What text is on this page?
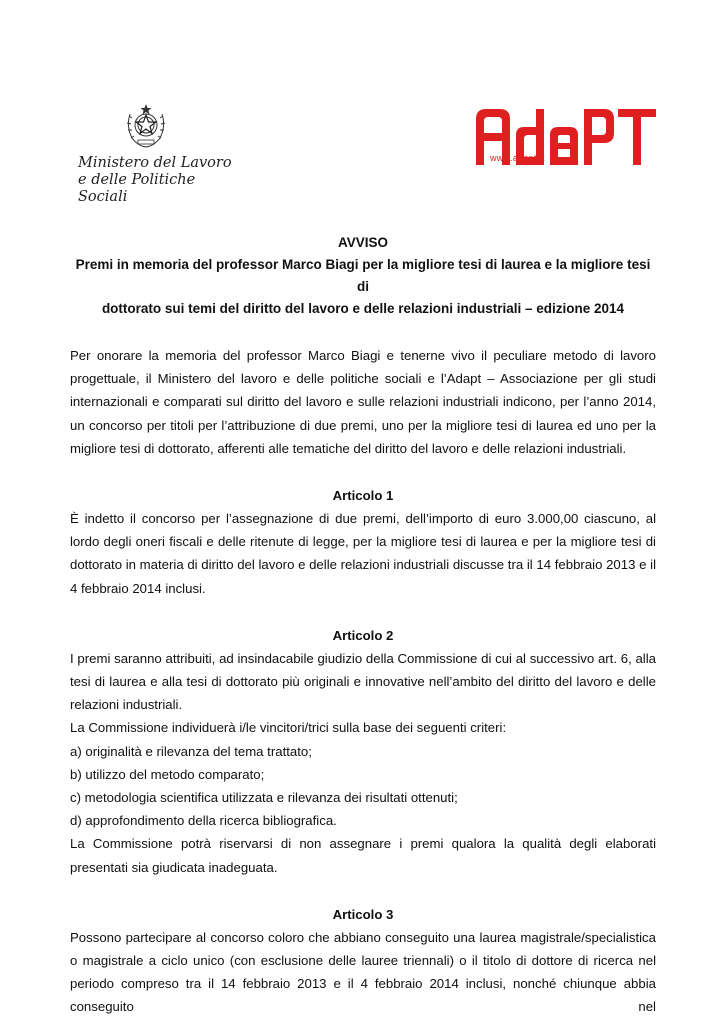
Ministero del Lavoro
e delle Politiche Sociali
www.adapt.it
AVVISO
Premi in memoria del professor Marco Biagi per la migliore tesi di laurea e la migliore tesi di
dottorato sui temi del diritto del lavoro e delle relazioni industriali – edizione 2014

Per onorare la memoria del professor Marco Biagi e tenerne vivo il peculiare metodo di lavoro progettuale, il Ministero del lavoro e delle politiche sociali e l’Adapt – Associazione per gli studi internazionali e comparati sul diritto del lavoro e sulle relazioni industriali indicono, per l’anno 2014, un concorso per titoli per l’attribuzione di due premi, uno per la migliore tesi di laurea ed uno per la migliore tesi di dottorato, afferenti alle tematiche del diritto del lavoro e delle relazioni industriali.

Articolo 1

È indetto il concorso per l’assegnazione di due premi, dell’importo di euro 3.000,00 ciascuno, al lordo degli oneri fiscali e delle ritenute di legge, per la migliore tesi di laurea e per la migliore tesi di dottorato in materia di diritto del lavoro e delle relazioni industriali discusse tra il 14 febbraio 2013 e il 4 febbraio 2014 inclusi.

Articolo 2

I premi saranno attribuiti, ad insindacabile giudizio della Commissione di cui al successivo art. 6, alla tesi di laurea e alla tesi di dottorato più originali e innovative nell’ambito del diritto del lavoro e delle relazioni industriali.

La Commissione individuerà i/le vincitori/trici sulla base dei seguenti criteri:

a) originalità e rilevanza del tema trattato;

b) utilizzo del metodo comparato;

c) metodologia scientifica utilizzata e rilevanza dei risultati ottenuti;

d) approfondimento della ricerca bibliografica.

La Commissione potrà riservarsi di non assegnare i premi qualora la qualità degli elaborati presentati sia giudicata inadeguata.

Articolo 3

Possono partecipare al concorso coloro che abbiano conseguito una laurea magistrale/specialistica o magistrale a ciclo unico (con esclusione delle lauree triennali) o il titolo di dottore di ricerca nel periodo compreso tra il 14 febbraio 2013 e il 4 febbraio 2014 inclusi, nonché chiunque abbia conseguito nel
